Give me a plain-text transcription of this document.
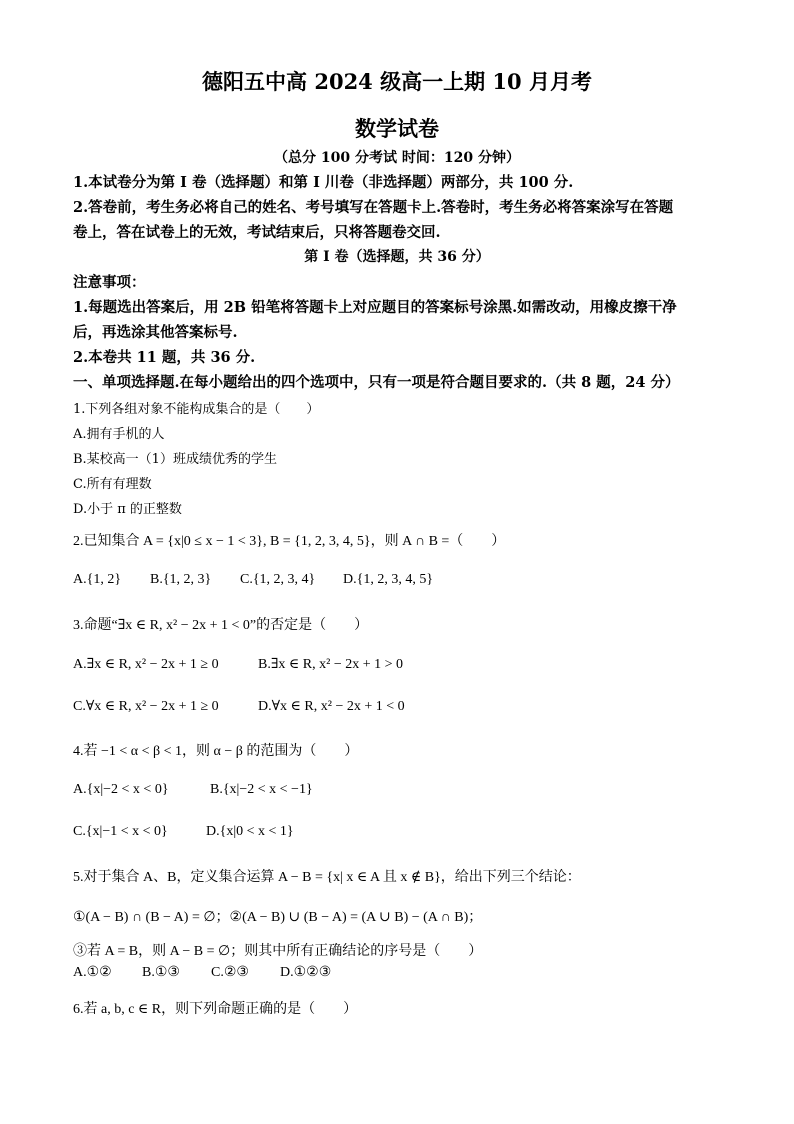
德阳五中高 2024 级高一上期 10 月月考
数学试卷
（总分 100 分考试 时间：120 分钟）
1.本试卷分为第 I 卷（选择题）和第 I 川卷（非选择题）两部分，共 100 分.
2.答卷前，考生务必将自己的姓名、考号填写在答题卡上.答卷时，考生务必将答案涂写在答题
卷上，答在试卷上的无效，考试结束后，只将答题卷交回.
第 I 卷（选择题，共 36 分）
注意事项：
1.每题选出答案后，用 2B 铅笔将答题卡上对应题目的答案标号涂黑.如需改动，用橡皮擦干净
后，再选涂其他答案标号.
2.本卷共 11 题，共 36 分.
一、单项选择题.在每小题给出的四个选项中，只有一项是符合题目要求的.（共 8 题，24 分）
1.下列各组对象不能构成集合的是（　　）
A.拥有手机的人
B.某校高一（1）班成绩优秀的学生
C.所有有理数
D.小于 π 的正整数
2.已知集合 A = {x|0 ≤ x − 1 < 3}, B = {1, 2, 3, 4, 5}，则 A ∩ B =（　　）
A.{1, 2} B.{1, 2, 3} C.{1, 2, 3, 4} D.{1, 2, 3, 4, 5}
3.命题“∃x ∈ R, x² − 2x + 1 < 0”的否定是（　　）
A.∃x ∈ R, x² − 2x + 1 ≥ 0	B.∃x ∈ R, x² − 2x + 1 > 0
C.∀x ∈ R, x² − 2x + 1 ≥ 0	D.∀x ∈ R, x² − 2x + 1 < 0
4.若 −1 < α < β < 1，则 α − β 的范围为（　　）
A.{x|−2 < x < 0}	B.{x|−2 < x < −1}
C.{x|−1 < x < 0}	D.{x|0 < x < 1}
5.对于集合 A、B，定义集合运算 A − B = {x| x ∈ A 且 x ∉ B}，给出下列三个结论：
①(A − B) ∩ (B − A) = ∅；②(A − B) ∪ (B − A) = (A ∪ B) − (A ∩ B)；
③若 A = B，则 A − B = ∅；则其中所有正确结论的序号是（　　）
A.①② B.①③ C.②③ D.①②③
6.若 a, b, c ∈ R，则下列命题正确的是（　　）
